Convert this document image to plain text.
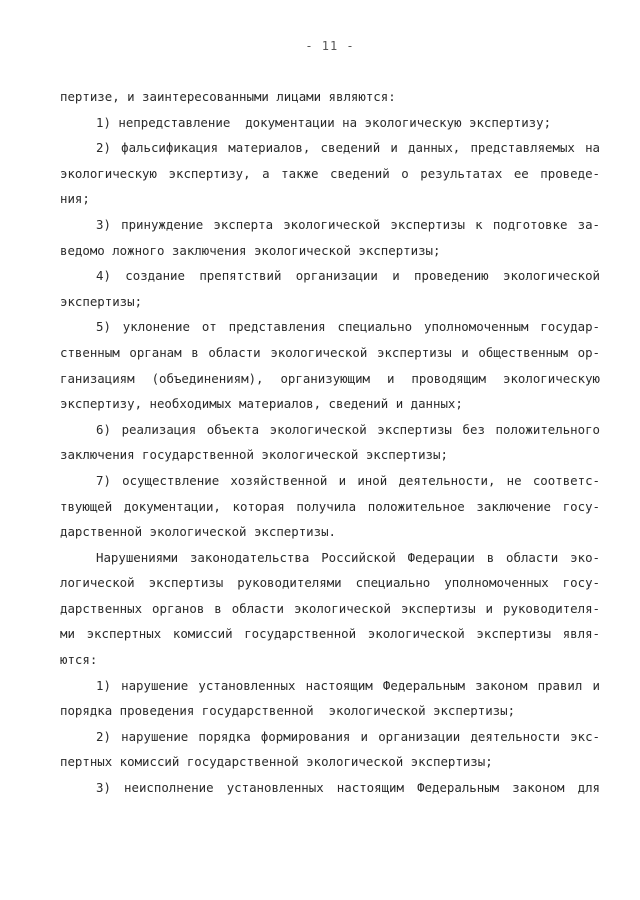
- 11 -
пертизе, и заинтересованными лицами являются:
1) непредставление  документации на экологическую экспертизу;
2) фальсификация материалов, сведений и данных, представляемых на
экологическую экспертизу, а также сведений о результатах ее проведе-
ния;
3) принуждение эксперта экологической экспертизы к подготовке за-
ведомо ложного заключения экологической экспертизы;
4) создание препятствий организации и проведению экологической
экспертизы;
5) уклонение от представления специально уполномоченным государ-
ственным органам в области экологической экспертизы и общественным ор-
ганизациям (объединениям), организующим и проводящим экологическую
экспертизу, необходимых материалов, сведений и данных;
6) реализация объекта экологической экспертизы без положительного
заключения государственной экологической экспертизы;
7) осуществление хозяйственной и иной деятельности, не соответс-
твующей документации, которая получила положительное заключение госу-
дарственной экологической экспертизы.
Нарушениями законодательства Российской Федерации в области эко-
логической экспертизы руководителями специально уполномоченных госу-
дарственных органов в области экологической экспертизы и руководителя-
ми экспертных комиссий государственной экологической экспертизы явля-
ются:
1) нарушение установленных настоящим Федеральным законом правил и
порядка проведения государственной  экологической экспертизы;
2) нарушение порядка формирования и организации деятельности экс-
пертных комиссий государственной экологической экспертизы;
3) неисполнение установленных настоящим Федеральным законом для
